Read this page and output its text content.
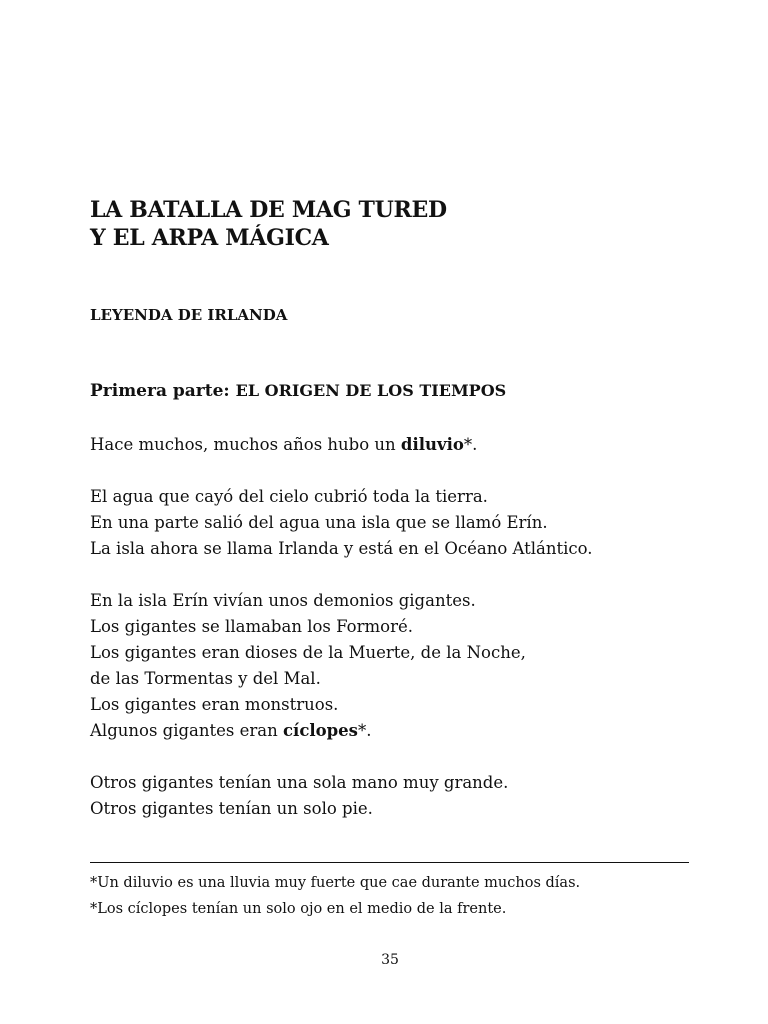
LA BATALLA DE MAG TURED
Y EL ARPA MÁGICA
LEYENDA DE IRLANDA
Primera parte: EL ORIGEN DE LOS TIEMPOS

Hace muchos, muchos años hubo un diluvio*.

El agua que cayó del cielo cubrió toda la tierra.
En una parte salió del agua una isla que se llamó Erín.
La isla ahora se llama Irlanda y está en el Océano Atlántico.

En la isla Erín vivían unos demonios gigantes.
Los gigantes se llamaban los Formoré.
Los gigantes eran dioses de la Muerte, de la Noche,
de las Tormentas y del Mal.
Los gigantes eran monstruos.
Algunos gigantes eran cíclopes*.

Otros gigantes tenían una sola mano muy grande.
Otros gigantes tenían un solo pie.

*Un diluvio es una lluvia muy fuerte que cae durante muchos días.
*Los cíclopes tenían un solo ojo en el medio de la frente.
35
